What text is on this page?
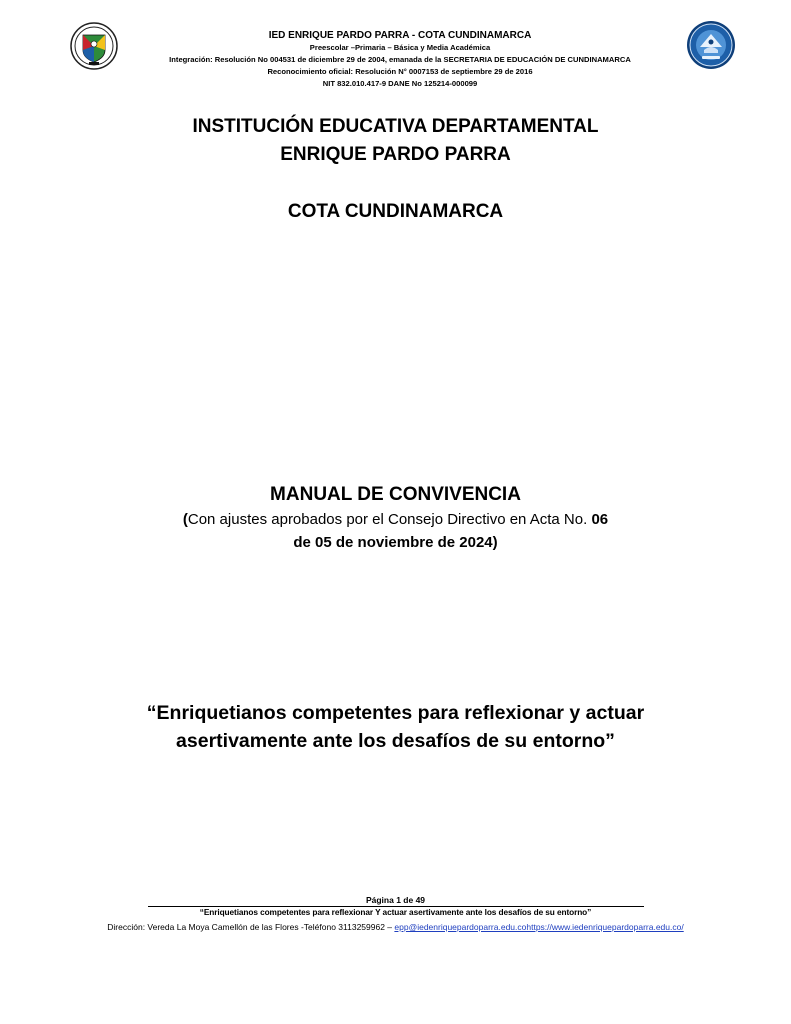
IED ENRIQUE PARDO PARRA - COTA CUNDINAMARCA
Preescolar –Primaria – Básica y Media Académica
Integración: Resolución No 004531 de diciembre 29 de 2004, emanada de la SECRETARIA DE EDUCACIÓN DE CUNDINAMARCA
Reconocimiento oficial: Resolución N° 0007153 de septiembre 29 de 2016
NIT 832.010.417-9 DANE No 125214-000099
INSTITUCIÓN EDUCATIVA DEPARTAMENTAL
ENRIQUE PARDO PARRA
COTA CUNDINAMARCA
MANUAL DE CONVIVENCIA
(Con ajustes aprobados por el Consejo Directivo en Acta No. 06
de 05 de noviembre de 2024)
“Enriquetianos competentes para reflexionar y actuar
asertivamente ante los desafíos de su entorno”
Página 1 de 49
“Enriquetianos competentes para reflexionar Y actuar asertivamente ante los desafíos de su entorno”
Dirección: Vereda La Moya Camellón de las Flores -Teléfono 3113259962 – epp@iedenriquepardoparra.edu.cohttps://www.iedenriquepardoparra.edu.co/
